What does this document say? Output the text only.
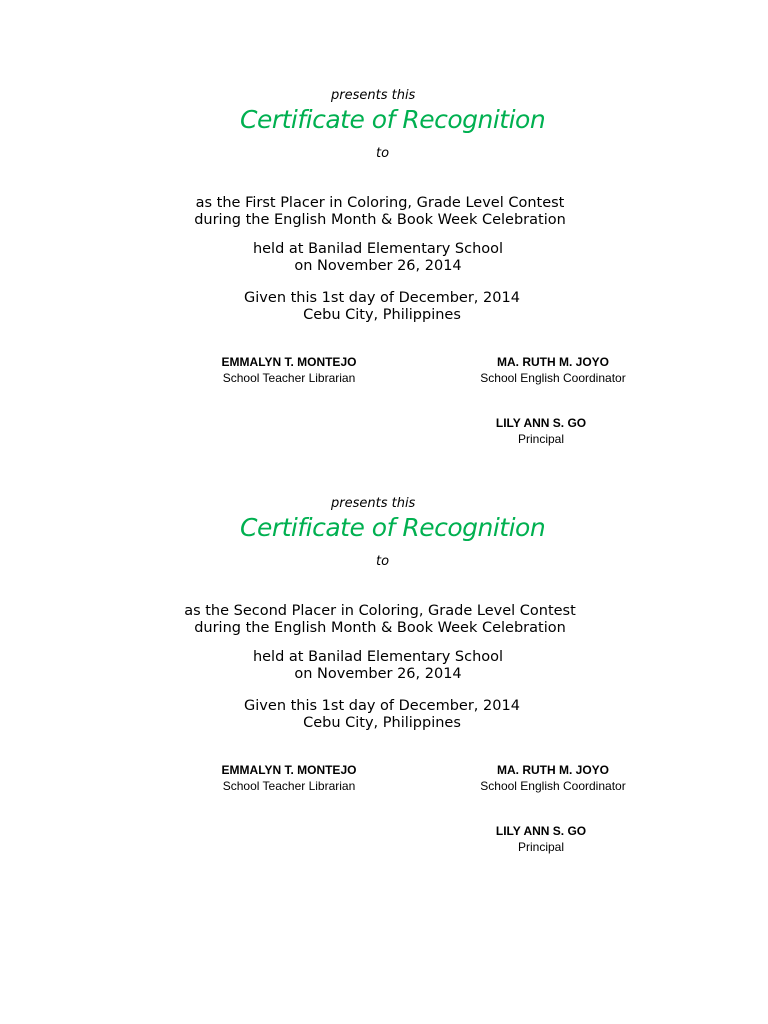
presents this
Certificate of Recognition
to
as the First Placer in Coloring, Grade Level Contest
during the English Month & Book Week Celebration
held at Banilad Elementary School
on November 26, 2014
Given this 1st day of December, 2014
Cebu City, Philippines
EMMALYN T. MONTEJO
School Teacher Librarian
MA. RUTH M. JOYO
School English Coordinator
LILY ANN S. GO
Principal
presents this
Certificate of Recognition
to
as the Second Placer in Coloring, Grade Level Contest
during the English Month & Book Week Celebration
held at Banilad Elementary School
on November 26, 2014
Given this 1st day of December, 2014
Cebu City, Philippines
EMMALYN T. MONTEJO
School Teacher Librarian
MA. RUTH M. JOYO
School English Coordinator
LILY ANN S. GO
Principal
